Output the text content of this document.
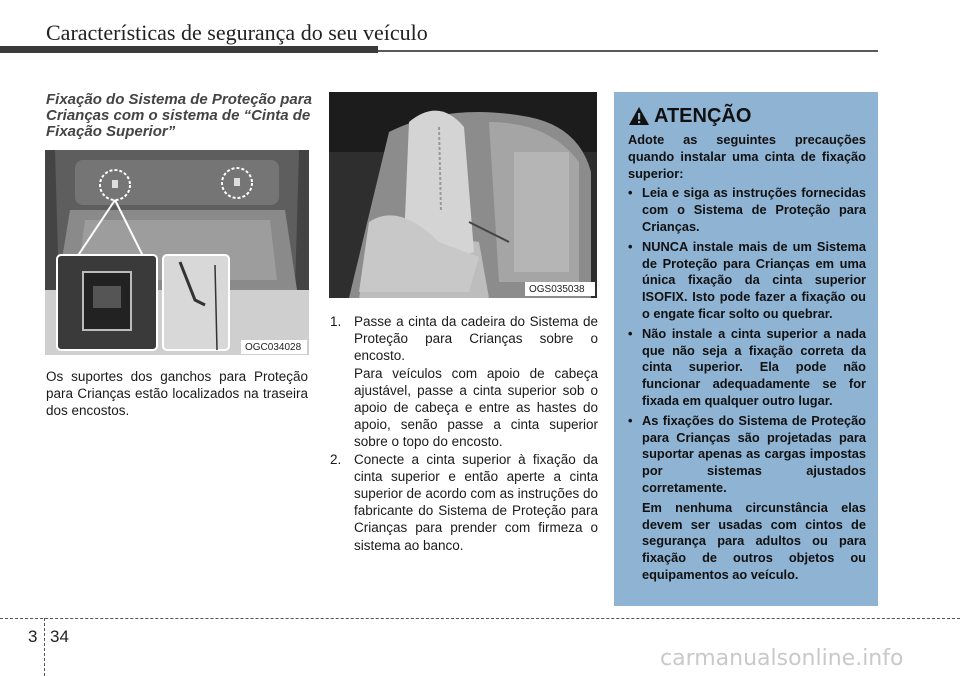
Características de segurança do seu veículo
Fixação do Sistema de Proteção para Crianças com o sistema de “Cinta de Fixação Superior”
OGC034028
Os suportes dos ganchos para Proteção para Crianças estão localizados na traseira dos encostos.
OGS035038
1. Passe a cinta da cadeira do Sistema de Proteção para Crianças sobre o encosto.
Para veículos com apoio de cabeça ajustável, passe a cinta superior sob o apoio de cabeça e entre as hastes do apoio, senão passe a cinta superior sobre o topo do encosto.
2. Conecte a cinta superior à fixação da cinta superior e então aperte a cinta superior de acordo com as instruções do fabricante do Sistema de Proteção para Crianças para prender com firmeza o sistema ao banco.
ATENÇÃO
Adote as seguintes precauções quando instalar uma cinta de fixação superior:
• Leia e siga as instruções fornecidas com o Sistema de Proteção para Crianças.
• NUNCA instale mais de um Sistema de Proteção para Crianças em uma única fixação da cinta superior ISOFIX. Isto pode fazer a fixação ou o engate ficar solto ou quebrar.
• Não instale a cinta superior a nada que não seja a fixação correta da cinta superior. Ela pode não funcionar adequadamente se for fixada em qualquer outro lugar.
• As fixações do Sistema de Proteção para Crianças são projetadas para suportar apenas as cargas impostas por sistemas ajustados corretamente.
Em nenhuma circunstância elas devem ser usadas com cintos de segurança para adultos ou para fixação de outros objetos ou equipamentos ao veículo.
3 34
carmanualsonline.info
